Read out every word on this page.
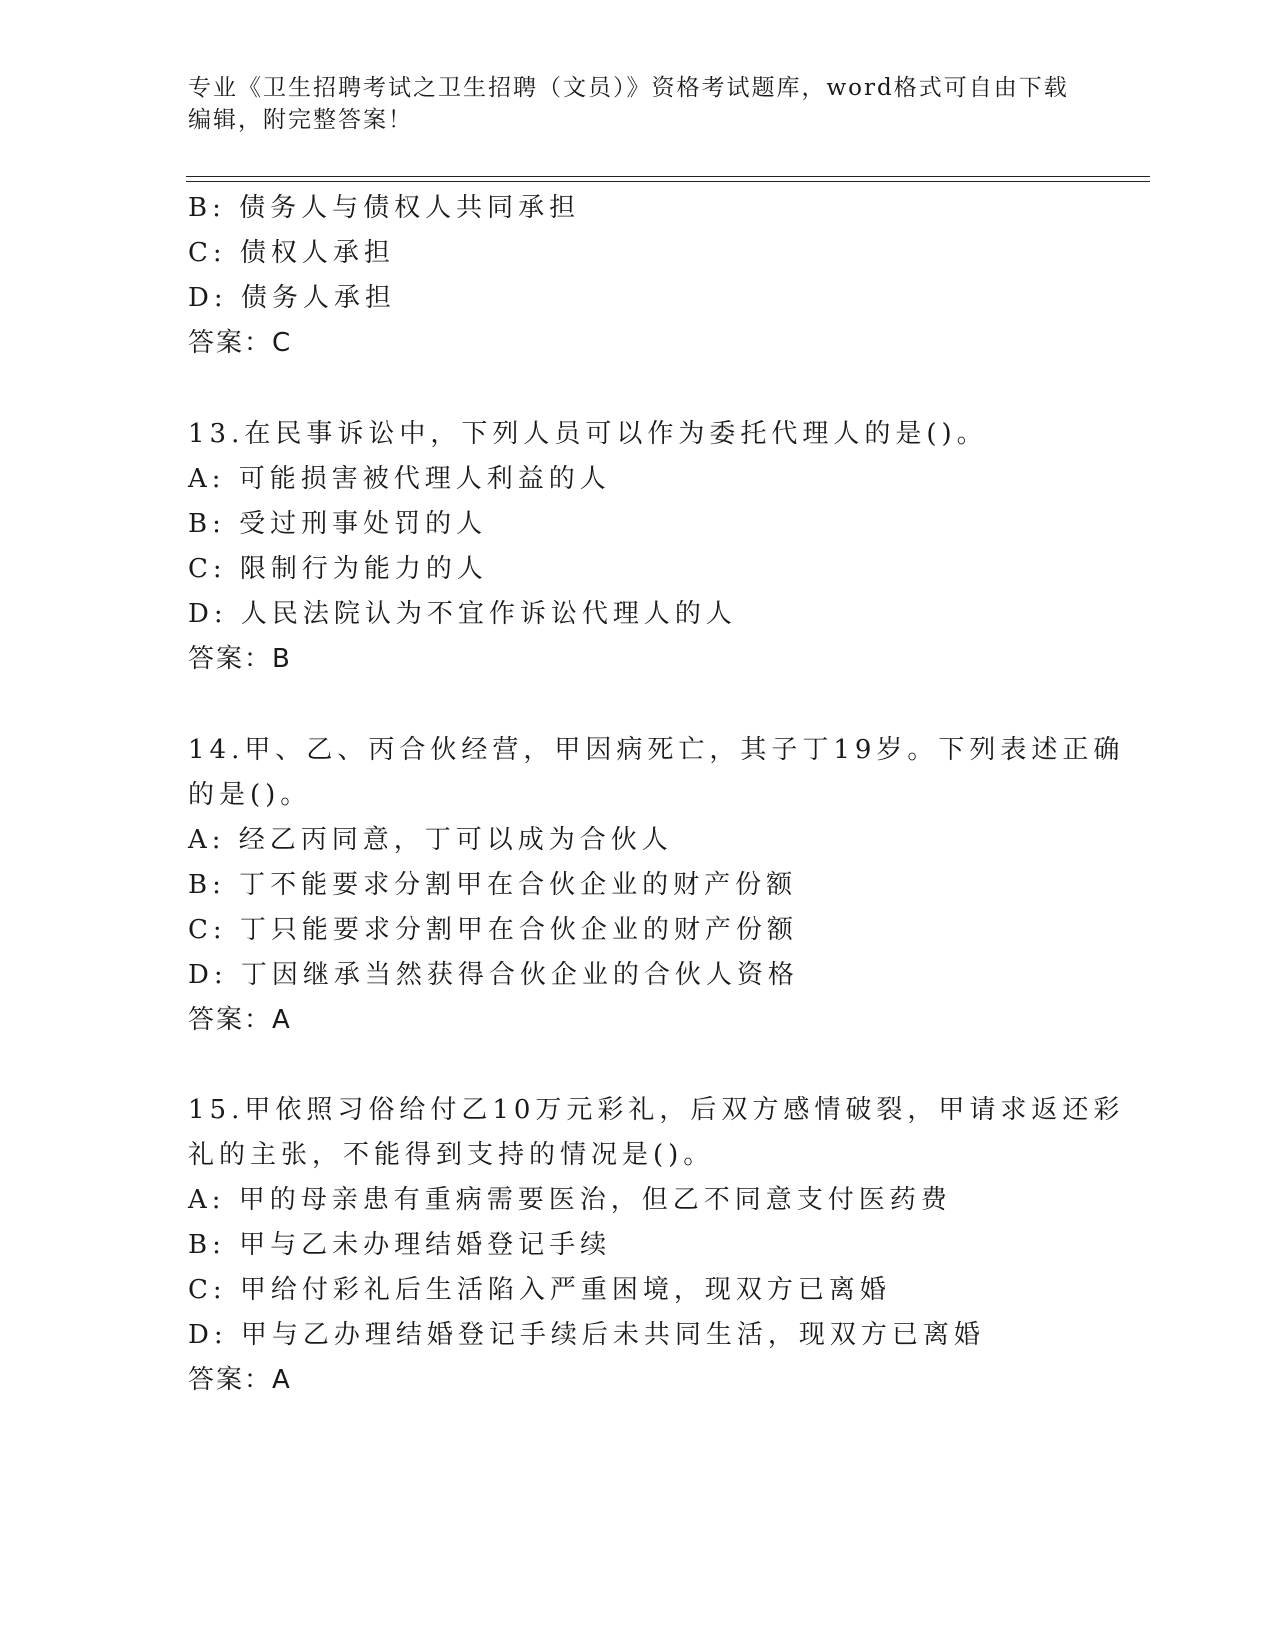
专业《卫生招聘考试之卫生招聘（文员）》资格考试题库，word格式可自由下载编辑，附完整答案！
B: 债务人与债权人共同承担
C: 债权人承担
D: 债务人承担
答案：C
13.在民事诉讼中，下列人员可以作为委托代理人的是()。
A: 可能损害被代理人利益的人
B: 受过刑事处罚的人
C: 限制行为能力的人
D: 人民法院认为不宜作诉讼代理人的人
答案：B
14.甲、乙、丙合伙经营，甲因病死亡，其子丁19岁。下列表述正确
的是()。
A: 经乙丙同意，丁可以成为合伙人
B: 丁不能要求分割甲在合伙企业的财产份额
C: 丁只能要求分割甲在合伙企业的财产份额
D: 丁因继承当然获得合伙企业的合伙人资格
答案：A
15.甲依照习俗给付乙10万元彩礼，后双方感情破裂，甲请求返还彩
礼的主张，不能得到支持的情况是()。
A: 甲的母亲患有重病需要医治，但乙不同意支付医药费
B: 甲与乙未办理结婚登记手续
C: 甲给付彩礼后生活陷入严重困境，现双方已离婚
D: 甲与乙办理结婚登记手续后未共同生活，现双方已离婚
答案：A
